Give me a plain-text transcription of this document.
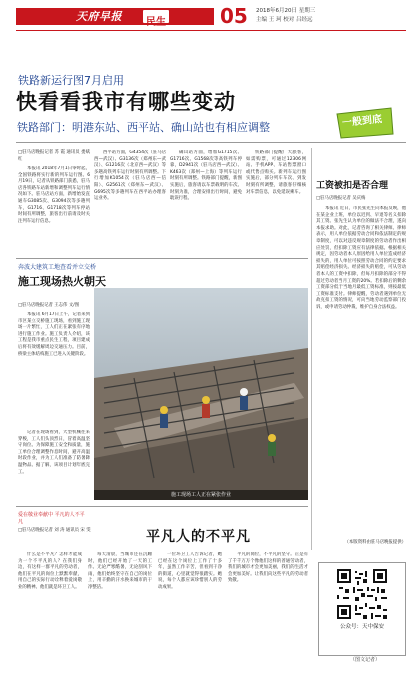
天府早报	民生	05 2018年6月20日 星期三
主编 王 珂 校对 吕经远
铁路新运行图7月启用
快看看我市有哪些变动
铁路部门：明港东站、西平站、确山站也有相应调整	一般到底
□驻马店晚报记者 苏 霞 通讯员 娄斌红

本报讯 2018年7月1日零时起，全国铁路将实行新的列车运行图。6月19日，记者从铁路部门获悉，驻马店各铁路车站新增和调整列车运行情况如下。驻马店站方面，新增始发直通车G3085次、G3094次等多趟列车，G1716、G1718次等列车停站时间有所调整，旅客出行前请及时关注列车运行信息。

西平站方面，G4354次（驻马店西—武汉）、G3136次（郑州东—武汉）、G1216次（北京西—武汉）等多趟高铁列车运行时刻有所调整。下行增加K1054次（驻马店西—信阳）、G2561次（郑州东—武汉）、G695次等多趟列车在西平站办理客运业务。

确山站方面，增加G1715次、G1716次、G1568次等高铁列车停靠，D2941次（驻马店西—武汉）、K463次（郑州—上海）等列车运行时刻有所调整。铁路部门提醒，新图实施后，旅客请以车票载明的车次、时刻为准，合理安排出行时间，避免耽误行程。

铁路部门提醒广大旅客，如需购票，可通过12306网站、手机APP、车站售票窗口或代售点购买。新列车运行图实施后，部分列车车次、到发时刻有所调整，请旅客仔细核对车票信息，以免延误乘车。

工资被扣是否合理
□驻马店晚报记者 吴庆梅

本报讯 近日，市民张先生向本报反映，他在某企业上班，单位以迟到、早退等名义扣除其工资。张先生认为单位的做法不合理，遂向本报求助。对此，记者咨询了相关律师。律师表示，用人单位依据劳动合同和依法制定的规章制度，可以对违反规章制度的劳动者作出相应处罚，但扣除工资应有法律依据。根据相关规定，因劳动者本人原因给用人单位造成经济损失的，用人单位可按照劳动合同的约定要求其赔偿经济损失。经济损失的赔偿，可从劳动者本人的工资中扣除，但每月扣除的部分不得超过劳动者当月工资的20%。若扣除后的剩余工资部分低于当地月最低工资标准，则按最低工资标准支付。律师提醒，劳动者遇到单位无故克扣工资的情况，可向当地劳动监察部门投诉，或申请劳动仲裁，维护自身合法权益。

（本版资料由驻马店晚报提供）
奔波大建筑工地查看并立交桥
施工现场热火朝天
□驻马店晚报记者 王志伟 文/图

本报讯 6月17日上午，记者来到市区某立交桥施工现场，看到施工现场一片繁忙，工人们正在紧张有序地进行施工作业。施工负责人介绍，该工程是我市重点民生工程，项目建成后将有效缓解周边交通压力。目前，桥梁主体结构施工已进入关键阶段。

记者在现场看到，大型机械往来穿梭，工人们头顶烈日，冒着高温坚守岗位。为保障施工安全和质量，施工单位合理调整作息时间，避开高温时段作业，并为工人们准备了防暑降温物品。据了解，该项目计划年底完工。

施工现场工人正在紧张作业
爱在敬业奉献中 平凡的人不平凡
平凡人的不平凡
□驻马店晚报记者 刘 涛 通讯员 宋 雯

什么是不平凡？怎样才能成为一个不平凡的人？在我们身边，有这样一群平凡的劳动者，他们在平凡的岗位上默默奉献，用自己的实际行动诠释着爱岗敬业的精神。他们就是环卫工人。

每天清晨，当城市还在沉睡时，他们已经开始了一天的工作。无论严寒酷暑，无论刮风下雨，他们始终坚守在自己的岗位上，用辛勤的汗水换来城市的干净整洁。

一位环卫工人告诉记者，她已经在这个岗位上工作了十多年，虽然工作辛苦，但看到干净的街道，心里就觉得很踏实。她说，每个人都应该珍惜别人的劳动成果。

平凡的岗位，不平凡的坚守。正是有了千千万万个像他们这样的普通劳动者，我们的城市才会更加美丽，我们的生活才会更加美好。让我们向这些平凡的劳动者致敬。

公众号：天中保安
（图文记者）
